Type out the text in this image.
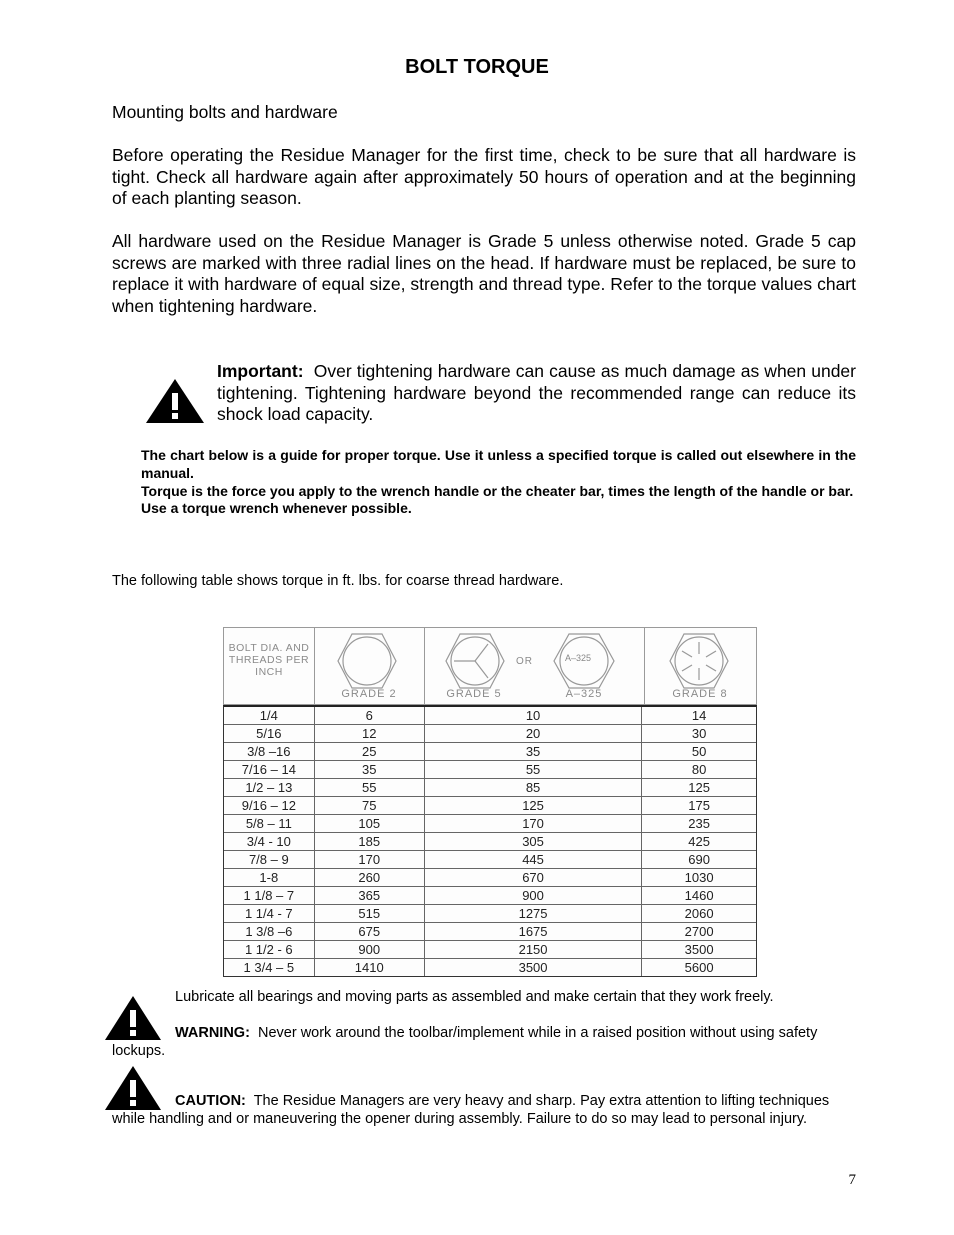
BOLT TORQUE
Mounting bolts and hardware
Before operating the Residue Manager for the first time, check to be sure that all hardware is tight. Check all hardware again after approximately 50 hours of operation and at the beginning of each planting season.
All hardware used on the Residue Manager is Grade 5 unless otherwise noted. Grade 5 cap screws are marked with three radial lines on the head. If hardware must be replaced, be sure to replace it with hardware of equal size, strength and thread type. Refer to the torque values chart when tightening hardware.
Important: Over tightening hardware can cause as much damage as when under tightening. Tightening hardware beyond the recommended range can reduce its shock load capacity.

The chart below is a guide for proper torque. Use it unless a specified torque is called out elsewhere in the manual.

Torque is the force you apply to the wrench handle or the cheater bar, times the length of the handle or bar.

Use a torque wrench whenever possible.

The following table shows torque in ft. lbs. for coarse thread hardware.
BOLT DIA. AND THREADS PER INCH
GRADE 2
OR	A–325
GRADE 5	A–325	GRADE 8
1/4	6	10	14
5/16	12	20	30
3/8 –16	25	35	50
7/16 – 14	35	55	80
1/2 – 13	55	85	125
9/16 – 12	75	125	175
5/8 – 11	105	170	235
3/4 - 10	185	305	425
7/8 – 9	170	445	690
1-8	260	670	1030
1 1/8 – 7	365	900	1460
1 1/4 - 7	515	1275	2060
1 3/8 –6	675	1675	2700
1 1/2 - 6	900	2150	3500
1 3/4 – 5	1410	3500	5600
Lubricate all bearings and moving parts as assembled and make certain that they work freely.
WARNING: Never work around the toolbar/implement while in a raised position without using safety lockups.
CAUTION: The Residue Managers are very heavy and sharp. Pay extra attention to lifting techniques while handling and or maneuvering the opener during assembly. Failure to do so may lead to personal injury.
7
